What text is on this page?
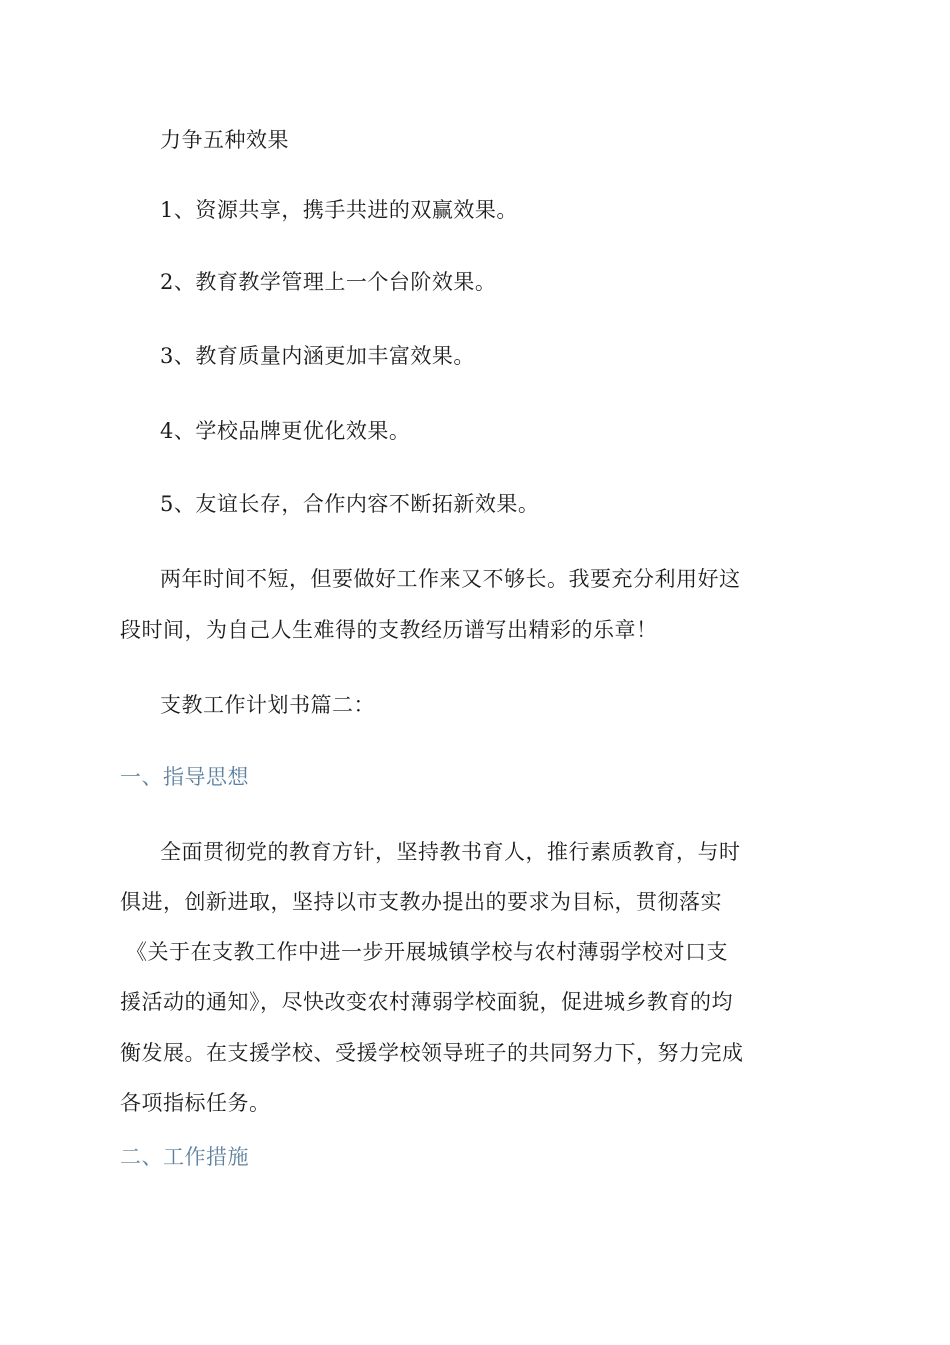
力争五种效果
1、资源共享，携手共进的双赢效果。
2、教育教学管理上一个台阶效果。
3、教育质量内涵更加丰富效果。
4、学校品牌更优化效果。
5、友谊长存，合作内容不断拓新效果。
两年时间不短，但要做好工作来又不够长。我要充分利用好这
段时间，为自己人生难得的支教经历谱写出精彩的乐章！
支教工作计划书篇二：
一、指导思想
全面贯彻党的教育方针，坚持教书育人，推行素质教育，与时
俱进，创新进取，坚持以市支教办提出的要求为目标，贯彻落实
《关于在支教工作中进一步开展城镇学校与农村薄弱学校对口支
援活动的通知》，尽快改变农村薄弱学校面貌，促进城乡教育的均
衡发展。在支援学校、受援学校领导班子的共同努力下，努力完成
各项指标任务。
二、工作措施
